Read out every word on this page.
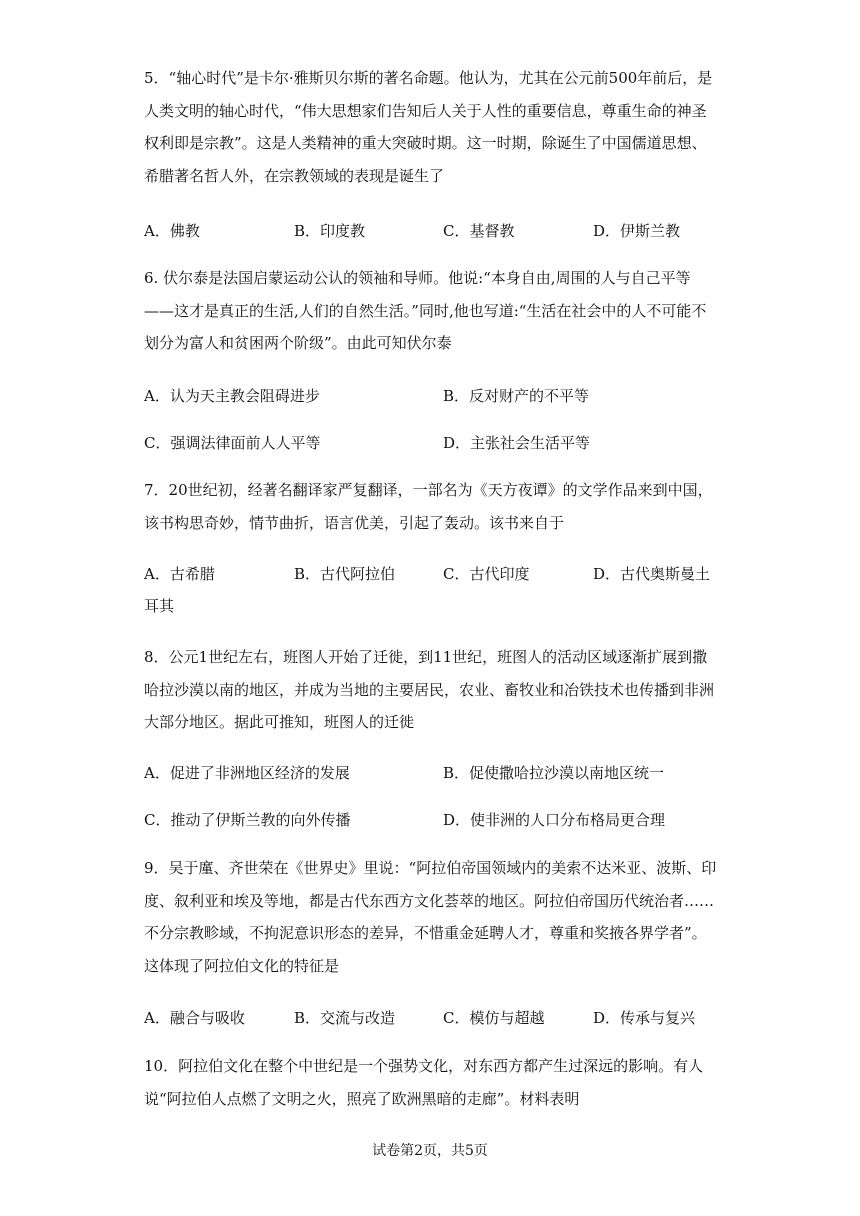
5．“轴心时代”是卡尔·雅斯贝尔斯的著名命题。他认为，尤其在公元前500年前后，是人类文明的轴心时代，“伟大思想家们告知后人关于人性的重要信息，尊重生命的神圣权利即是宗教”。这是人类精神的重大突破时期。这一时期，除诞生了中国儒道思想、希腊著名哲人外，在宗教领域的表现是诞生了
A．佛教	B．印度教	C．基督教	D．伊斯兰教
6. 伏尔泰是法国启蒙运动公认的领袖和导师。他说:“本身自由,周围的人与自己平等——这才是真正的生活,人们的自然生活。”同时,他也写道:“生活在社会中的人不可能不划分为富人和贫困两个阶级”。由此可知伏尔泰
A．认为天主教会阻碍进步	B．反对财产的不平等
C．强调法律面前人人平等	D．主张社会生活平等
7．20世纪初，经著名翻译家严复翻译，一部名为《天方夜谭》的文学作品来到中国，该书构思奇妙，情节曲折，语言优美，引起了轰动。该书来自于
A．古希腊	B．古代阿拉伯	C．古代印度	D．古代奥斯曼土耳其
8．公元1世纪左右，班图人开始了迁徙，到11世纪，班图人的活动区域逐渐扩展到撒哈拉沙漠以南的地区，并成为当地的主要居民，农业、畜牧业和冶铁技术也传播到非洲大部分地区。据此可推知，班图人的迁徙
A．促进了非洲地区经济的发展	B．促使撒哈拉沙漠以南地区统一
C．推动了伊斯兰教的向外传播	D．使非洲的人口分布格局更合理
9．吴于廑、齐世荣在《世界史》里说：“阿拉伯帝国领域内的美索不达米亚、波斯、印度、叙利亚和埃及等地，都是古代东西方文化荟萃的地区。阿拉伯帝国历代统治者……不分宗教畛域，不拘泥意识形态的差异，不惜重金延聘人才，尊重和奖掖各界学者”。这体现了阿拉伯文化的特征是
A．融合与吸收	B．交流与改造	C．模仿与超越	D．传承与复兴
10．阿拉伯文化在整个中世纪是一个强势文化，对东西方都产生过深远的影响。有人说“阿拉伯人点燃了文明之火，照亮了欧洲黑暗的走廊”。材料表明
试卷第2页，共5页
